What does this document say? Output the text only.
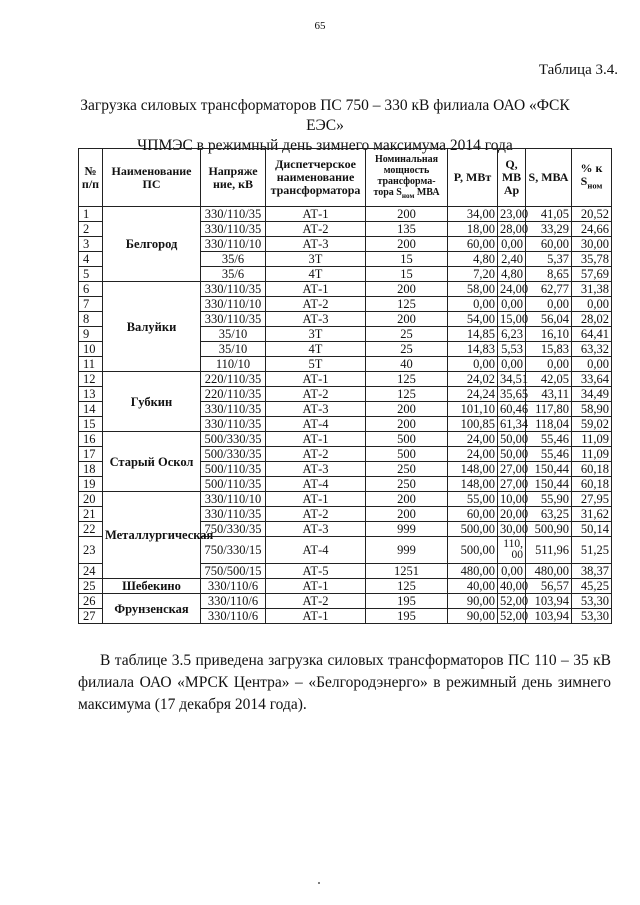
65
Таблица 3.4.
Загрузка силовых трансформаторов ПС 750 – 330 кВ филиала ОАО «ФСК ЕЭС»
ЧПМЭС в режимный день зимнего максимума 2014 года
№ п/п	Наименование ПС	Напряже ние, кВ	Диспетчерское наименование трансформатора	Номинальная мощность трансформа-тора $S_{ном}$ МВА	P, МВт	Q, МВ Ар	S, МВА	% к $S_{ном}$
1	Белгород	330/110/35	АТ-1	200	34,00	23,00	41,05	20,52
2		330/110/35	АТ-2	135	18,00	28,00	33,29	24,66
3		330/110/10	АТ-3	200	60,00	0,00	60,00	30,00
4		35/6	3Т	15	4,80	2,40	5,37	35,78
5		35/6	4Т	15	7,20	4,80	8,65	57,69
6	Валуйки	330/110/35	АТ-1	200	58,00	24,00	62,77	31,38
7		330/110/10	АТ-2	125	0,00	0,00	0,00	0,00
8		330/110/35	АТ-3	200	54,00	15,00	56,04	28,02
9		35/10	3Т	25	14,85	6,23	16,10	64,41
10		35/10	4Т	25	14,83	5,53	15,83	63,32
11		110/10	5Т	40	0,00	0,00	0,00	0,00
12	Губкин	220/110/35	АТ-1	125	24,02	34,51	42,05	33,64
13		220/110/35	АТ-2	125	24,24	35,65	43,11	34,49
14		330/110/35	АТ-3	200	101,10	60,46	117,80	58,90
15		330/110/35	АТ-4	200	100,85	61,34	118,04	59,02
16	Старый Оскол	500/330/35	АТ-1	500	24,00	50,00	55,46	11,09
17		500/330/35	АТ-2	500	24,00	50,00	55,46	11,09
18		500/110/35	АТ-3	250	148,00	27,00	150,44	60,18
19		500/110/35	АТ-4	250	148,00	27,00	150,44	60,18
20	Металлургическая	330/110/10	АТ-1	200	55,00	10,00	55,90	27,95
21		330/110/35	АТ-2	200	60,00	20,00	63,25	31,62
22		750/330/35	АТ-3	999	500,00	30,00	500,90	50,14
23		750/330/15	АТ-4	999	500,00	110,00	511,96	51,25
24		750/500/15	АТ-5	1251	480,00	0,00	480,00	38,37
25	Шебекино	330/110/6	АТ-1	125	40,00	40,00	56,57	45,25
26	Фрунзенская	330/110/6	АТ-2	195	90,00	52,00	103,94	53,30
27		330/110/6	АТ-1	195	90,00	52,00	103,94	53,30
В таблице 3.5 приведена загрузка силовых трансформаторов ПС 110 – 35 кВ филиала ОАО «МРСК Центра» – «Белгородэнерго» в режимный день зимнего максимума (17 декабря 2014 года).
